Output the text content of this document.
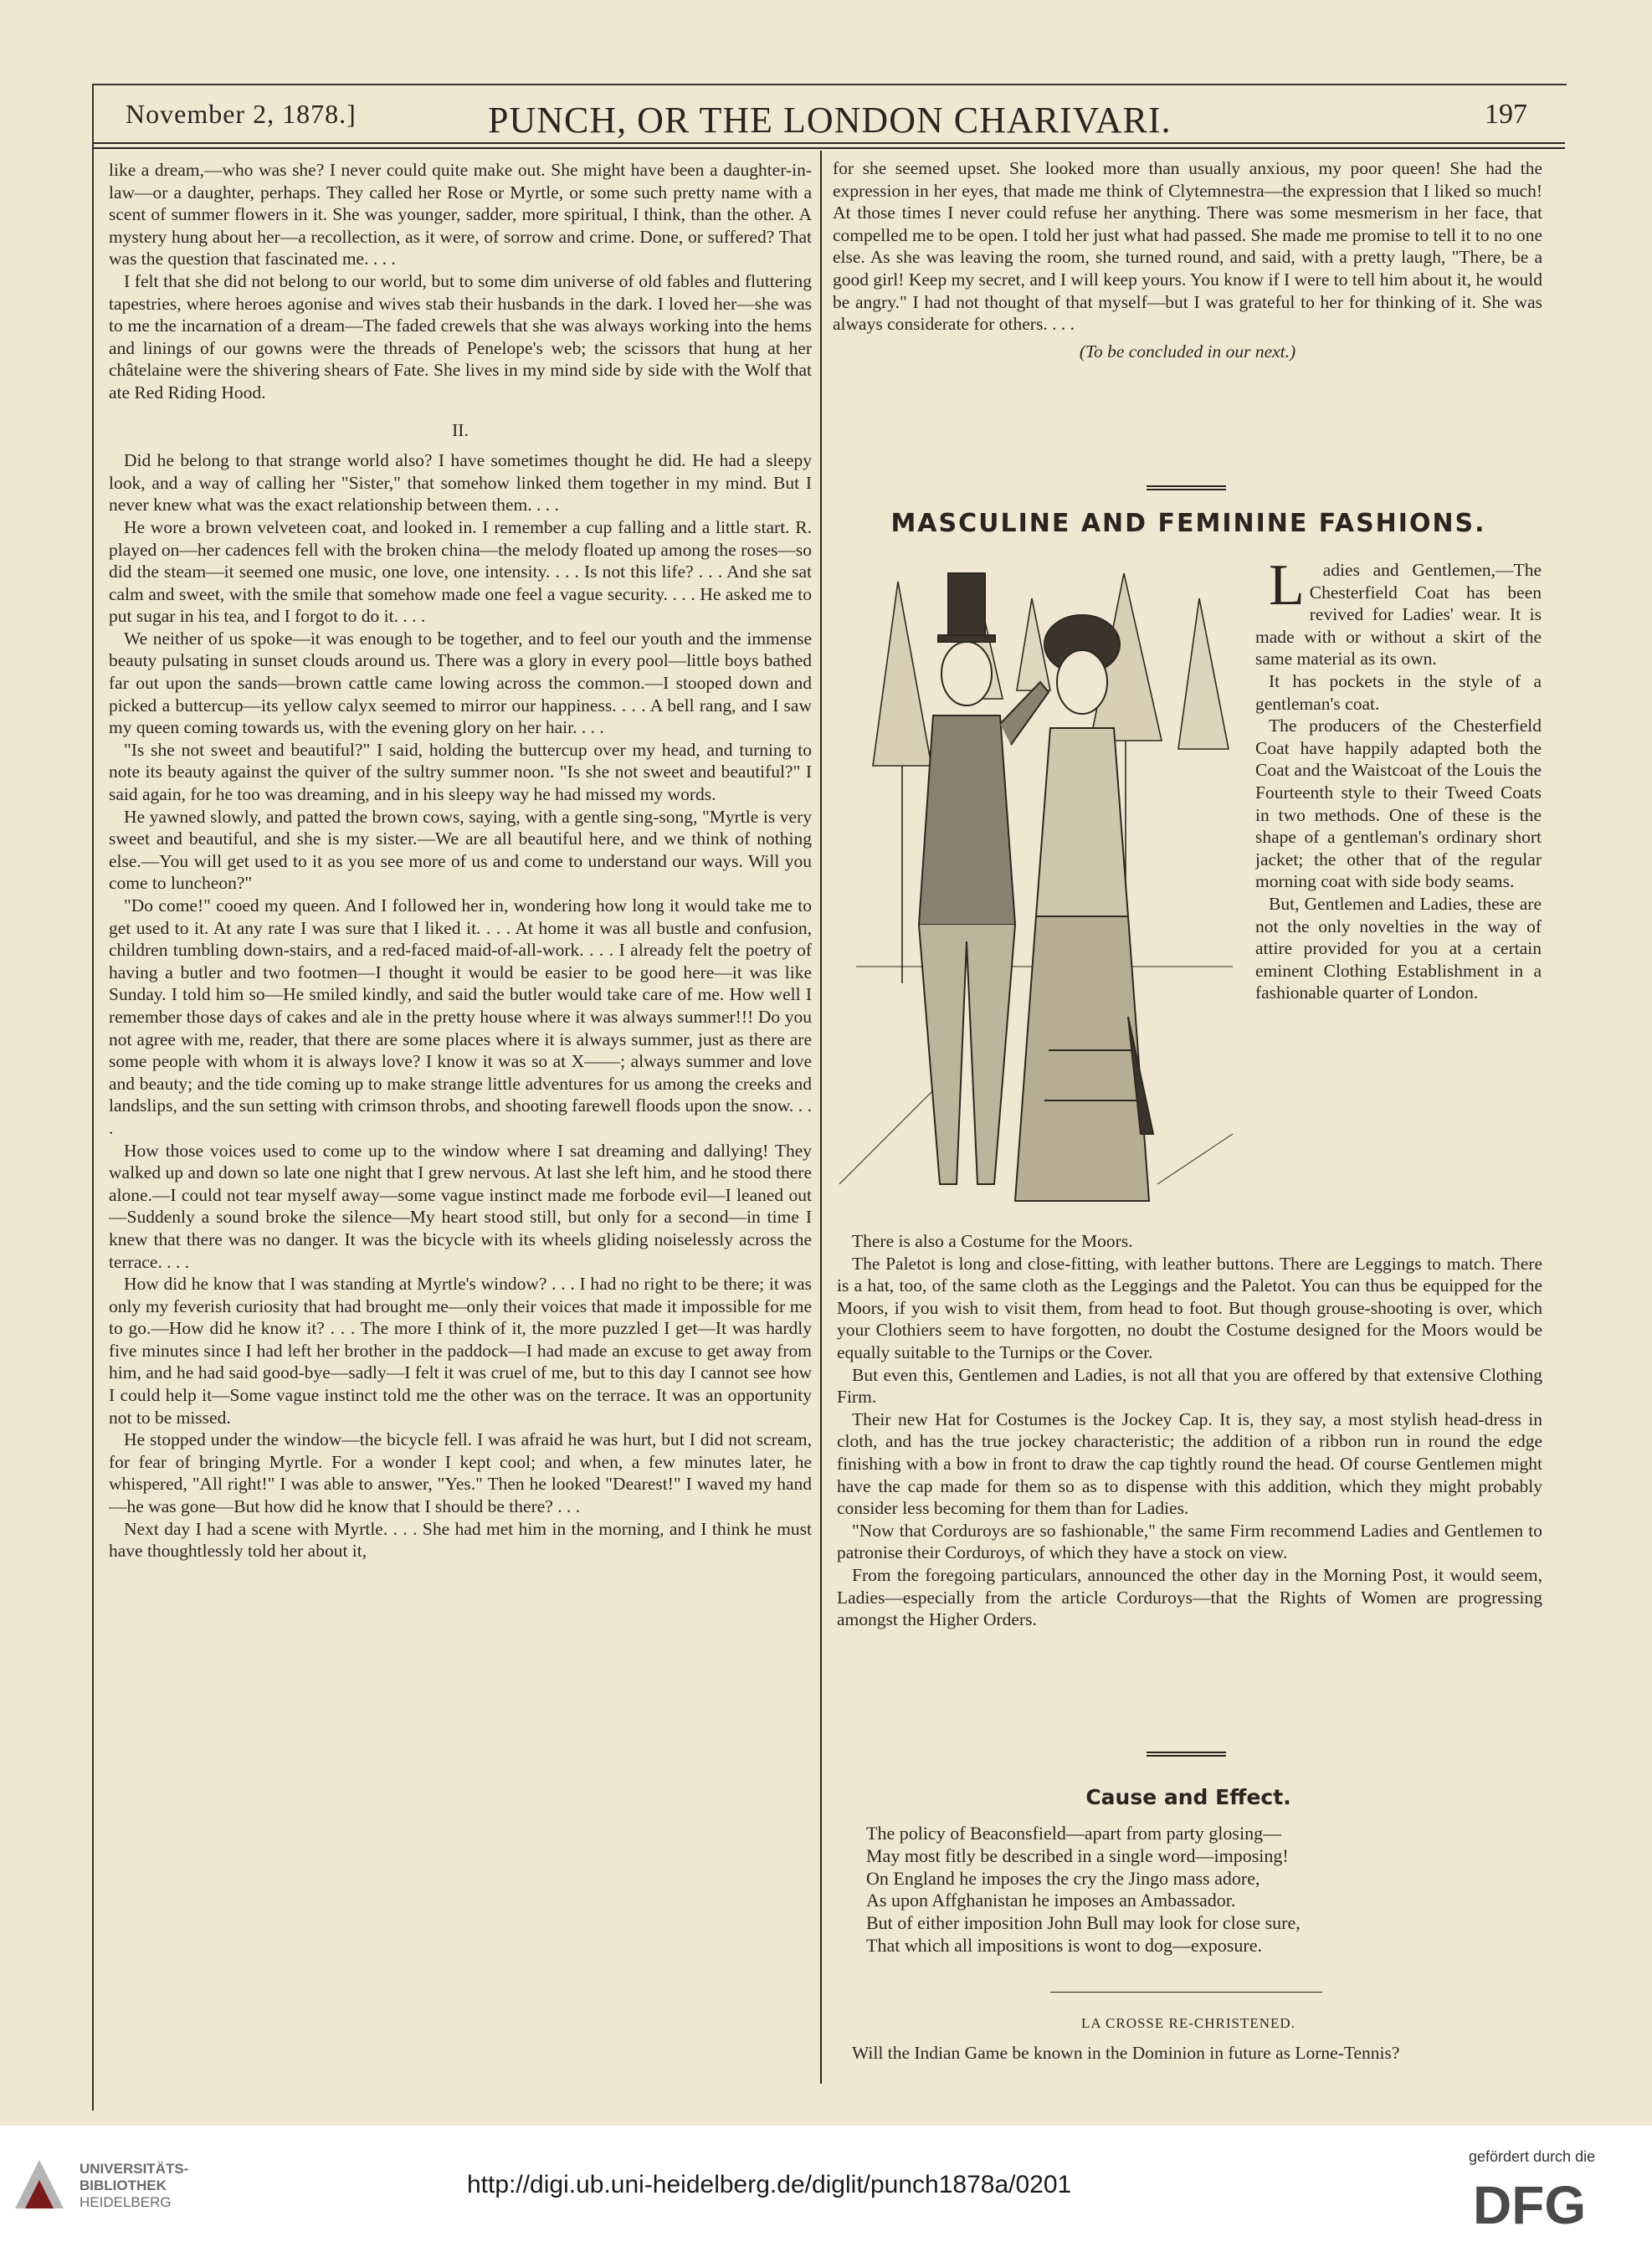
November 2, 1878.]	PUNCH, OR THE LONDON CHARIVARI.	197

like a dream,—who was she? I never could quite make out. She might have been a daughter-in-law—or a daughter, perhaps. They called her Rose or Myrtle, or some such pretty name with a scent of summer flowers in it. She was younger, sadder, more spiritual, I think, than the other. A mystery hung about her—a recollection, as it were, of sorrow and crime. Done, or suffered? That was the question that fascinated me. . . .

I felt that she did not belong to our world, but to some dim universe of old fables and fluttering tapestries, where heroes agonise and wives stab their husbands in the dark. I loved her—she was to me the incarnation of a dream—The faded crewels that she was always working into the hems and linings of our gowns were the threads of Penelope's web; the scissors that hung at her châtelaine were the shivering shears of Fate. She lives in my mind side by side with the Wolf that ate Red Riding Hood.

II.

Did he belong to that strange world also? I have sometimes thought he did. He had a sleepy look, and a way of calling her "Sister," that somehow linked them together in my mind. But I never knew what was the exact relationship between them. . . .

He wore a brown velveteen coat, and looked in. I remember a cup falling and a little start. R. played on—her cadences fell with the broken china—the melody floated up among the roses—so did the steam—it seemed one music, one love, one intensity. . . . Is not this life? . . . And she sat calm and sweet, with the smile that somehow made one feel a vague security. . . . He asked me to put sugar in his tea, and I forgot to do it. . . .

We neither of us spoke—it was enough to be together, and to feel our youth and the immense beauty pulsating in sunset clouds around us. There was a glory in every pool—little boys bathed far out upon the sands—brown cattle came lowing across the common.—I stooped down and picked a buttercup—its yellow calyx seemed to mirror our happiness. . . . A bell rang, and I saw my queen coming towards us, with the evening glory on her hair. . . .

"Is she not sweet and beautiful?" I said, holding the buttercup over my head, and turning to note its beauty against the quiver of the sultry summer noon. "Is she not sweet and beautiful?" I said again, for he too was dreaming, and in his sleepy way he had missed my words.

He yawned slowly, and patted the brown cows, saying, with a gentle sing-song, "Myrtle is very sweet and beautiful, and she is my sister.—We are all beautiful here, and we think of nothing else.—You will get used to it as you see more of us and come to understand our ways. Will you come to luncheon?"

"Do come!" cooed my queen. And I followed her in, wondering how long it would take me to get used to it. At any rate I was sure that I liked it. . . . At home it was all bustle and confusion, children tumbling down-stairs, and a red-faced maid-of-all-work. . . . I already felt the poetry of having a butler and two footmen—I thought it would be easier to be good here—it was like Sunday. I told him so—He smiled kindly, and said the butler would take care of me. How well I remember those days of cakes and ale in the pretty house where it was always summer!!! Do you not agree with me, reader, that there are some places where it is always summer, just as there are some people with whom it is always love? I know it was so at X——; always summer and love and beauty; and the tide coming up to make strange little adventures for us among the creeks and landslips, and the sun setting with crimson throbs, and shooting farewell floods upon the snow. . . .

How those voices used to come up to the window where I sat dreaming and dallying! They walked up and down so late one night that I grew nervous. At last she left him, and he stood there alone.—I could not tear myself away—some vague instinct made me forbode evil—I leaned out—Suddenly a sound broke the silence—My heart stood still, but only for a second—in time I knew that there was no danger. It was the bicycle with its wheels gliding noiselessly across the terrace. . . .

How did he know that I was standing at Myrtle's window? . . . I had no right to be there; it was only my feverish curiosity that had brought me—only their voices that made it impossible for me to go.—How did he know it? . . . The more I think of it, the more puzzled I get—It was hardly five minutes since I had left her brother in the paddock—I had made an excuse to get away from him, and he had said good-bye—sadly—I felt it was cruel of me, but to this day I cannot see how I could help it—Some vague instinct told me the other was on the terrace. It was an opportunity not to be missed.

He stopped under the window—the bicycle fell. I was afraid he was hurt, but I did not scream, for fear of bringing Myrtle. For a wonder I kept cool; and when, a few minutes later, he whispered, "All right!" I was able to answer, "Yes." Then he looked "Dearest!" I waved my hand—he was gone—But how did he know that I should be there? . . .

Next day I had a scene with Myrtle. . . . She had met him in the morning, and I think he must have thoughtlessly told her about it,

for she seemed upset. She looked more than usually anxious, my poor queen! She had the expression in her eyes, that made me think of Clytemnestra—the expression that I liked so much! At those times I never could refuse her anything. There was some mesmerism in her face, that compelled me to be open. I told her just what had passed. She made me promise to tell it to no one else. As she was leaving the room, she turned round, and said, with a pretty laugh, "There, be a good girl! Keep my secret, and I will keep yours. You know if I were to tell him about it, he would be angry." I had not thought of that myself—but I was grateful to her for thinking of it. She was always considerate for others. . . .

(To be concluded in our next.)

MASCULINE AND FEMININE FASHIONS.

L adies and Gentlemen,—The Chesterfield Coat has been revived for Ladies' wear. It is made with or without a skirt of the same material as its own.

It has pockets in the style of a gentleman's coat.

The producers of the Chesterfield Coat have happily adapted both the Coat and the Waistcoat of the Louis the Fourteenth style to their Tweed Coats in two methods. One of these is the shape of a gentleman's ordinary short jacket; the other that of the regular morning coat with side body seams.

But, Gentlemen and Ladies, these are not the only novelties in the way of attire provided for you at a certain eminent Clothing Establishment in a fashionable quarter of London.

There is also a Costume for the Moors.

The Paletot is long and close-fitting, with leather buttons. There are Leggings to match. There is a hat, too, of the same cloth as the Leggings and the Paletot. You can thus be equipped for the Moors, if you wish to visit them, from head to foot. But though grouse-shooting is over, which your Clothiers seem to have forgotten, no doubt the Costume designed for the Moors would be equally suitable to the Turnips or the Cover.

But even this, Gentlemen and Ladies, is not all that you are offered by that extensive Clothing Firm.

Their new Hat for Costumes is the Jockey Cap. It is, they say, a most stylish head-dress in cloth, and has the true jockey characteristic; the addition of a ribbon run in round the edge finishing with a bow in front to draw the cap tightly round the head. Of course Gentlemen might have the cap made for them so as to dispense with this addition, which they might probably consider less becoming for them than for Ladies.

"Now that Corduroys are so fashionable," the same Firm recommend Ladies and Gentlemen to patronise their Corduroys, of which they have a stock on view.

From the foregoing particulars, announced the other day in the Morning Post, it would seem, Ladies—especially from the article Corduroys—that the Rights of Women are progressing amongst the Higher Orders.

Cause and Effect.
The policy of Beaconsfield—apart from party glosing—
May most fitly be described in a single word—imposing!
On England he imposes the cry the Jingo mass adore,
As upon Affghanistan he imposes an Ambassador.
But of either imposition John Bull may look for close sure,
That which all impositions is wont to dog—exposure.
LA CROSSE RE-CHRISTENED.

Will the Indian Game be known in the Dominion in future as Lorne-Tennis?

UNIVERSITÄTS-
BIBLIOTHEK
HEIDELBERG
http://digi.ub.uni-heidelberg.de/diglit/punch1878a/0201
gefördert durch die
DFG
